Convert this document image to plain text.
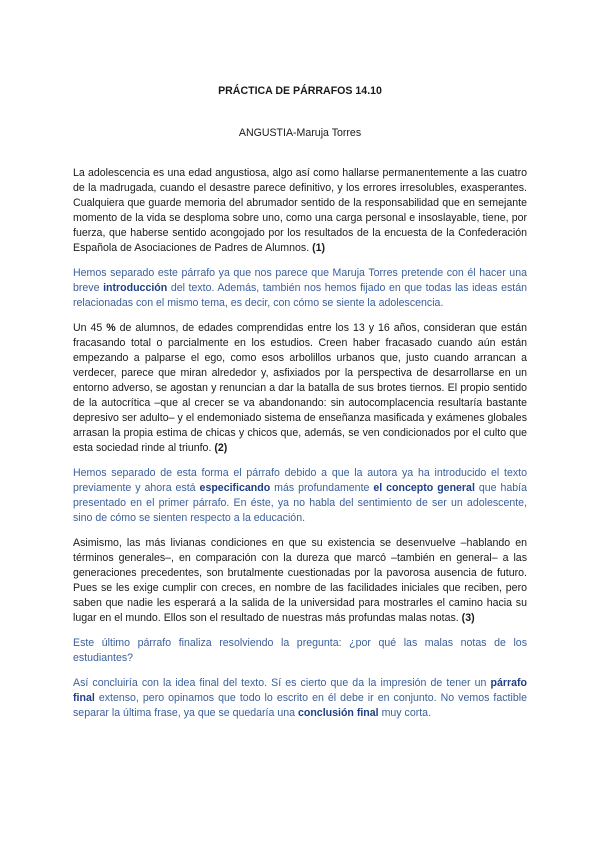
PRÁCTICA DE PÁRRAFOS 14.10

ANGUSTIA-Maruja Torres

La adolescencia es una edad angustiosa, algo así como hallarse permanentemente a las cuatro de la madrugada, cuando el desastre parece definitivo, y los errores irresolubles, exasperantes. Cualquiera que guarde memoria del abrumador sentido de la responsabilidad que en semejante momento de la vida se desploma sobre uno, como una carga personal e insoslayable, tiene, por fuerza, que haberse sentido acongojado por los resultados de la encuesta de la Confederación Española de Asociaciones de Padres de Alumnos. (1)

Hemos separado este párrafo ya que nos parece que Maruja Torres pretende con él hacer una breve introducción del texto. Además, también nos hemos fijado en que todas las ideas están relacionadas con el mismo tema, es decir, con cómo se siente la adolescencia.

Un 45 % de alumnos, de edades comprendidas entre los 13 y 16 años, consideran que están fracasando total o parcialmente en los estudios. Creen haber fracasado cuando aún están empezando a palparse el ego, como esos arbolillos urbanos que, justo cuando arrancan a verdecer, parece que miran alrededor y, asfixiados por la perspectiva de desarrollarse en un entorno adverso, se agostan y renuncian a dar la batalla de sus brotes tiernos. El propio sentido de la autocrítica –que al crecer se va abandonando: sin autocomplacencia resultaría bastante depresivo ser adulto– y el endemoniado sistema de enseñanza masificada y exámenes globales arrasan la propia estima de chicas y chicos que, además, se ven condicionados por el culto que esta sociedad rinde al triunfo. (2)

Hemos separado de esta forma el párrafo debido a que la autora ya ha introducido el texto previamente y ahora está especificando más profundamente el concepto general que había presentado en el primer párrafo. En éste, ya no habla del sentimiento de ser un adolescente, sino de cómo se sienten respecto a la educación.

Asimismo, las más livianas condiciones en que su existencia se desenvuelve –hablando en términos generales–, en comparación con la dureza que marcó –también en general– a las generaciones precedentes, son brutalmente cuestionadas por la pavorosa ausencia de futuro. Pues se les exige cumplir con creces, en nombre de las facilidades iniciales que reciben, pero saben que nadie les esperará a la salida de la universidad para mostrarles el camino hacia su lugar en el mundo. Ellos son el resultado de nuestras más profundas malas notas. (3)

Este último párrafo finaliza resolviendo la pregunta: ¿por qué las malas notas de los estudiantes?

Así concluiría con la idea final del texto. Sí es cierto que da la impresión de tener un párrafo final extenso, pero opinamos que todo lo escrito en él debe ir en conjunto. No vemos factible separar la última frase, ya que se quedaría una conclusión final muy corta.
